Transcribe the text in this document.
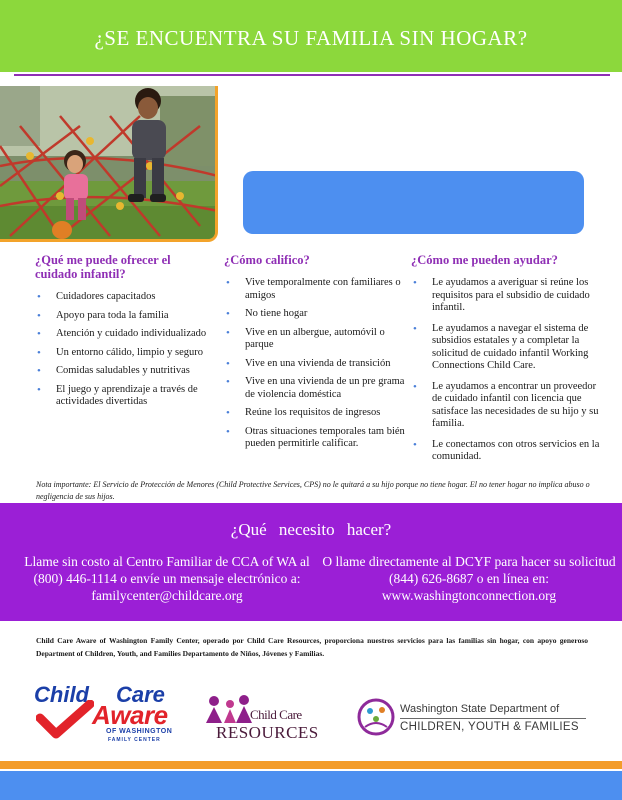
¿SE ENCUENTRA SU FAMILIA SIN HOGAR?
¿Qué me puede ofrecer el cuidado infantil?
• Cuidadores capacitados
• Apoyo para toda la familia
• Atención y cuidado individualizado
• Un entorno cálido, limpio y seguro
• Comidas saludables y nutritivas
• El juego y aprendizaje a través de actividades divertidas
¿Cómo califico?
• Vive temporalmente con familiares o amigos
• No tiene hogar
• Vive en un albergue, automóvil o parque
• Vive en una vivienda de transición
• Vive en una vivienda de un pre grama de violencia doméstica
• Reúne los requisitos de ingresos
• Otras situaciones temporales tam bién pueden permitirle calificar.
¿Cómo me pueden ayudar?
• Le ayudamos a averiguar si reúne los requisitos para el subsidio de cuidado infantil.
• Le ayudamos a navegar el sistema de subsidios estatales y a completar la solicitud de cuidado infantil Working Connections Child Care.
• Le ayudamos a encontrar un proveedor de cuidado infantil con licencia que satisface las necesidades de su hijo y su familia.
• Le conectamos con otros servicios en la comunidad.

Nota importante: El Servicio de Protección de Menores (Child Protective Services, CPS) no le quitará a su hijo porque no tiene hogar. El no tener hogar no implica abuso o negligencia de sus hijos.

¿Qué necesito hacer?

Llame sin costo al Centro Familiar de CCA of WA al (800) 446-1114 o envíe un mensaje electrónico a: familycenter@childcare.org

O llame directamente al DCYF para hacer su solicitud (844) 626-8687 o en línea en: www.washingtonconnection.org

Child Care Aware of Washington Family Center, operado por Child Care Resources, proporciona nuestros servicios para las familias sin hogar, con apoyo generoso Department of Children, Youth, and Families Departamento de Niños, Jóvenes y Familias.

Child Care
Aware
OF WASHINGTON
FAMILY CENTER
Child Care
RESOURCES
Washington State Department of
CHILDREN, YOUTH & FAMILIES
